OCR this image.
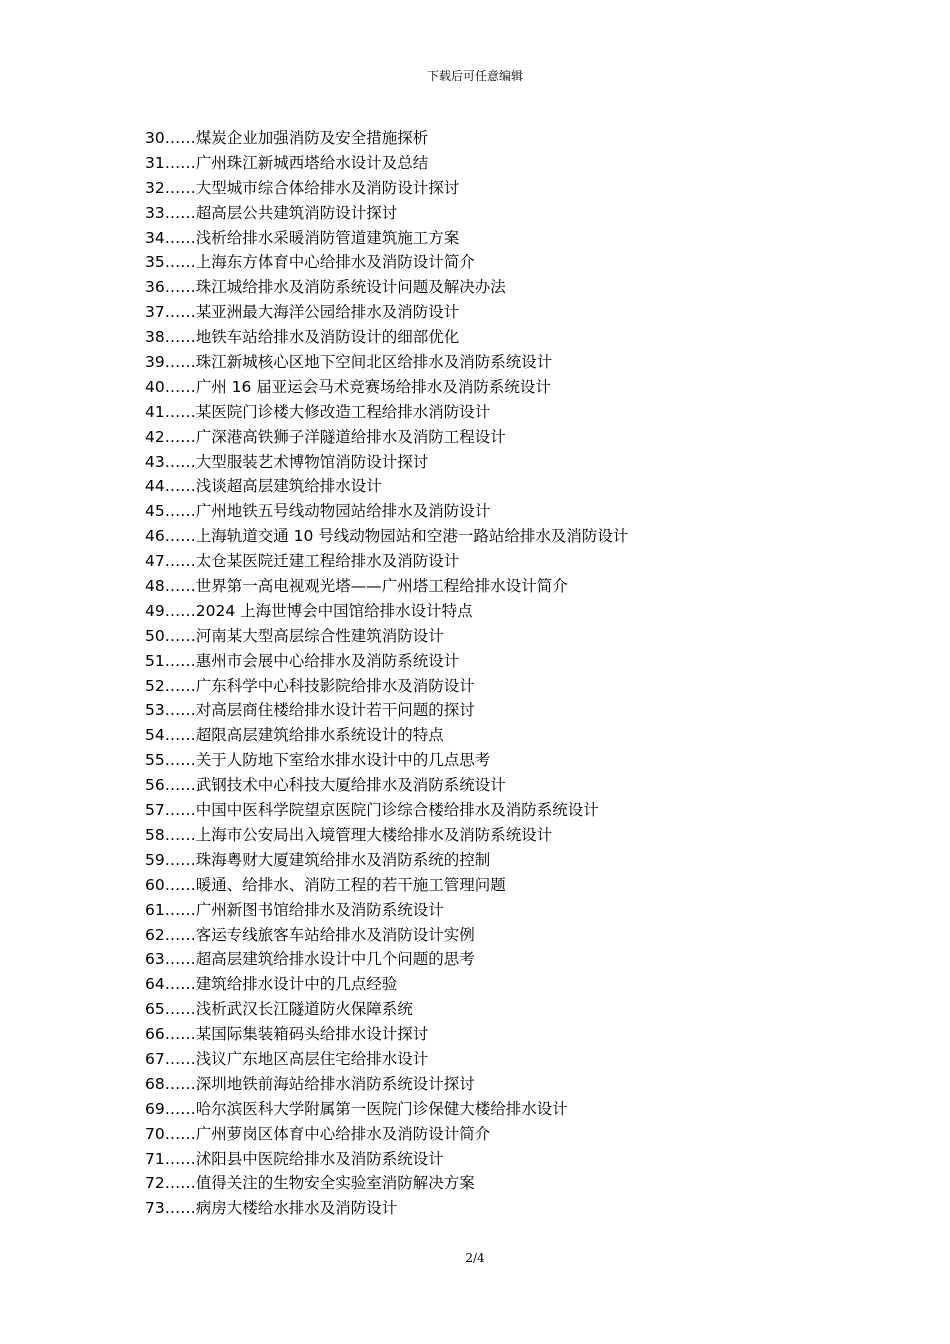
下载后可任意编辑
30……煤炭企业加强消防及安全措施探析
31……广州珠江新城西塔给水设计及总结
32……大型城市综合体给排水及消防设计探讨
33……超高层公共建筑消防设计探讨
34……浅析给排水采暖消防管道建筑施工方案
35……上海东方体育中心给排水及消防设计简介
36……珠江城给排水及消防系统设计问题及解决办法
37……某亚洲最大海洋公园给排水及消防设计
38……地铁车站给排水及消防设计的细部优化
39……珠江新城核心区地下空间北区给排水及消防系统设计
40……广州 16 届亚运会马术竞赛场给排水及消防系统设计
41……某医院门诊楼大修改造工程给排水消防设计
42……广深港高铁狮子洋隧道给排水及消防工程设计
43……大型服装艺术博物馆消防设计探讨
44……浅谈超高层建筑给排水设计
45……广州地铁五号线动物园站给排水及消防设计
46……上海轨道交通 10 号线动物园站和空港一路站给排水及消防设计
47……太仓某医院迁建工程给排水及消防设计
48……世界第一高电视观光塔——广州塔工程给排水设计简介
49……2024 上海世博会中国馆给排水设计特点
50……河南某大型高层综合性建筑消防设计
51……惠州市会展中心给排水及消防系统设计
52……广东科学中心科技影院给排水及消防设计
53……对高层商住楼给排水设计若干问题的探讨
54……超限高层建筑给排水系统设计的特点
55……关于人防地下室给水排水设计中的几点思考
56……武钢技术中心科技大厦给排水及消防系统设计
57……中国中医科学院望京医院门诊综合楼给排水及消防系统设计
58……上海市公安局出入境管理大楼给排水及消防系统设计
59……珠海粤财大厦建筑给排水及消防系统的控制
60……暖通、给排水、消防工程的若干施工管理问题
61……广州新图书馆给排水及消防系统设计
62……客运专线旅客车站给排水及消防设计实例
63……超高层建筑给排水设计中几个问题的思考
64……建筑给排水设计中的几点经验
65……浅析武汉长江隧道防火保障系统
66……某国际集装箱码头给排水设计探讨
67……浅议广东地区高层住宅给排水设计
68……深圳地铁前海站给排水消防系统设计探讨
69……哈尔滨医科大学附属第一医院门诊保健大楼给排水设计
70……广州萝岗区体育中心给排水及消防设计简介
71……沭阳县中医院给排水及消防系统设计
72……值得关注的生物安全实验室消防解决方案
73……病房大楼给水排水及消防设计
2/4
